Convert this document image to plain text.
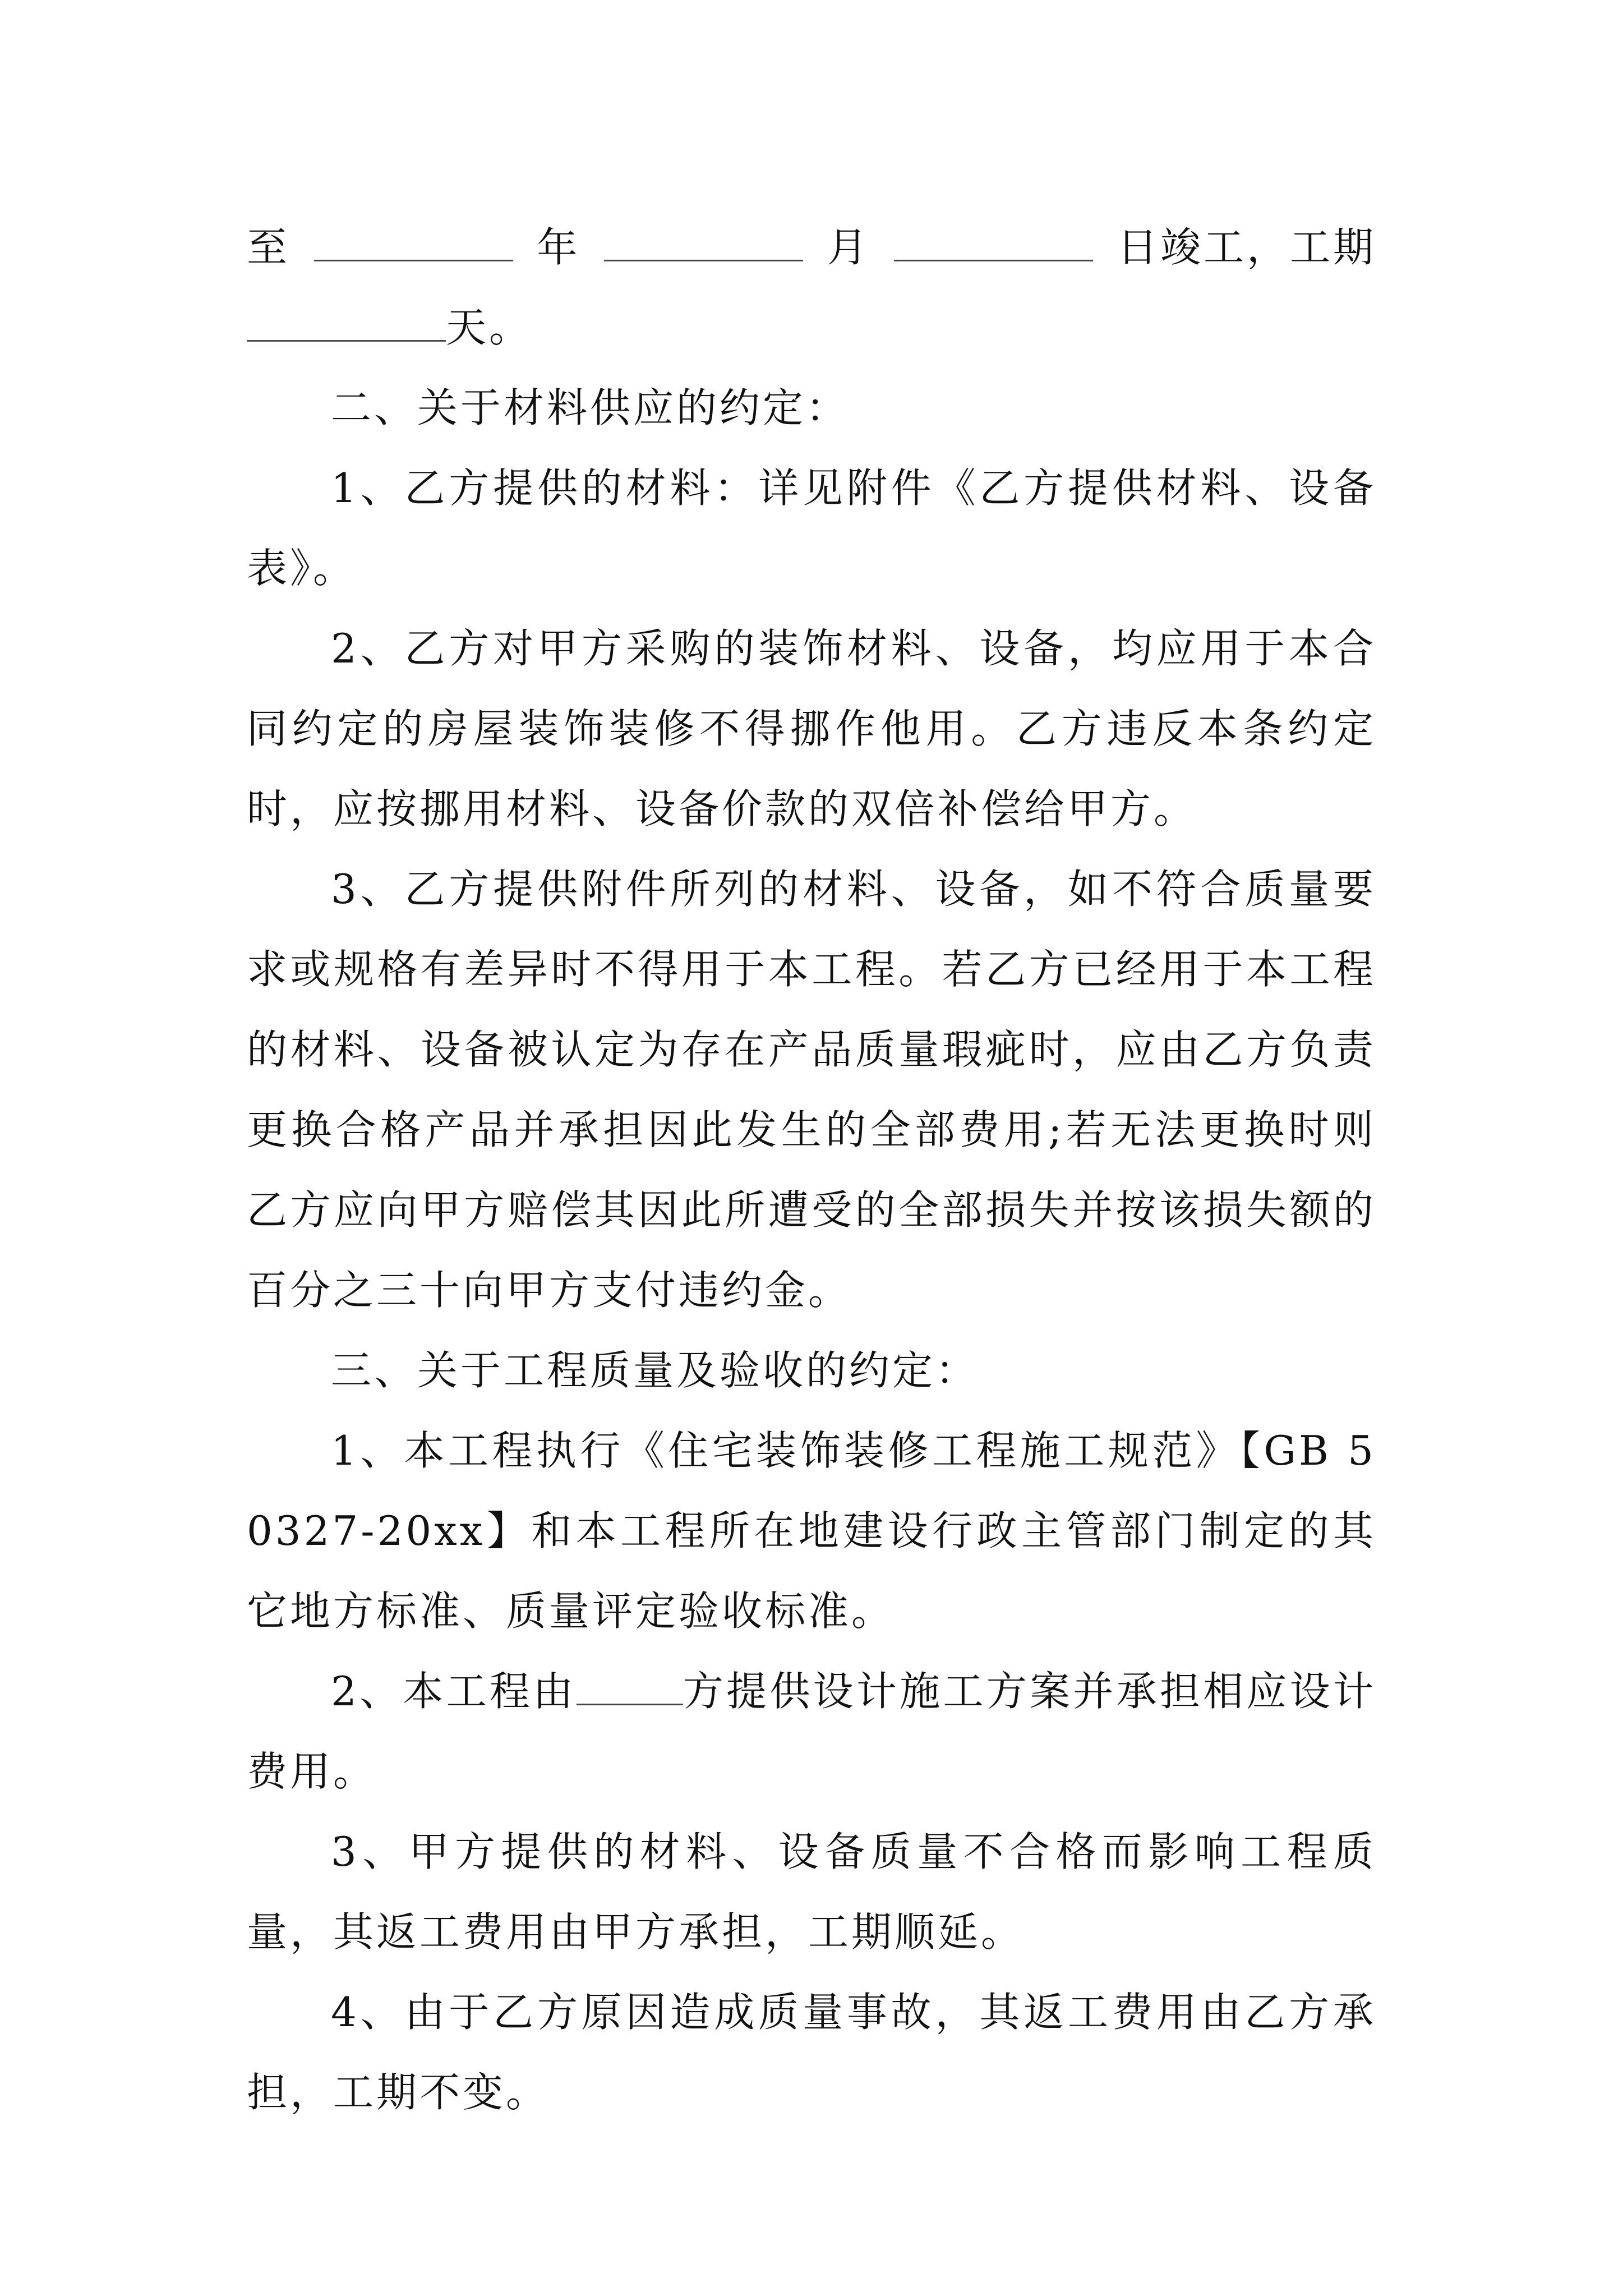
至	年	月	日竣工，工期
天。

二、关于材料供应的约定：

1、乙方提供的材料：详见附件《乙方提供材料、设备表》。

2、乙方对甲方采购的装饰材料、设备，均应用于本合同约定的房屋装饰装修不得挪作他用。乙方违反本条约定时，应按挪用材料、设备价款的双倍补偿给甲方。

3、乙方提供附件所列的材料、设备，如不符合质量要求或规格有差异时不得用于本工程。若乙方已经用于本工程的材料、设备被认定为存在产品质量瑕疵时，应由乙方负责更换合格产品并承担因此发生的全部费用;若无法更换时则乙方应向甲方赔偿其因此所遭受的全部损失并按该损失额的百分之三十向甲方支付违约金。

三、关于工程质量及验收的约定：

1、本工程执行《住宅装饰装修工程施工规范》【GB 50327-20xx】和本工程所在地建设行政主管部门制定的其它地方标准、质量评定验收标准。

2、本工程由	方提供设计施工方案并承担相应设计费用。

3、甲方提供的材料、设备质量不合格而影响工程质量，其返工费用由甲方承担，工期顺延。

4、由于乙方原因造成质量事故，其返工费用由乙方承担，工期不变。
